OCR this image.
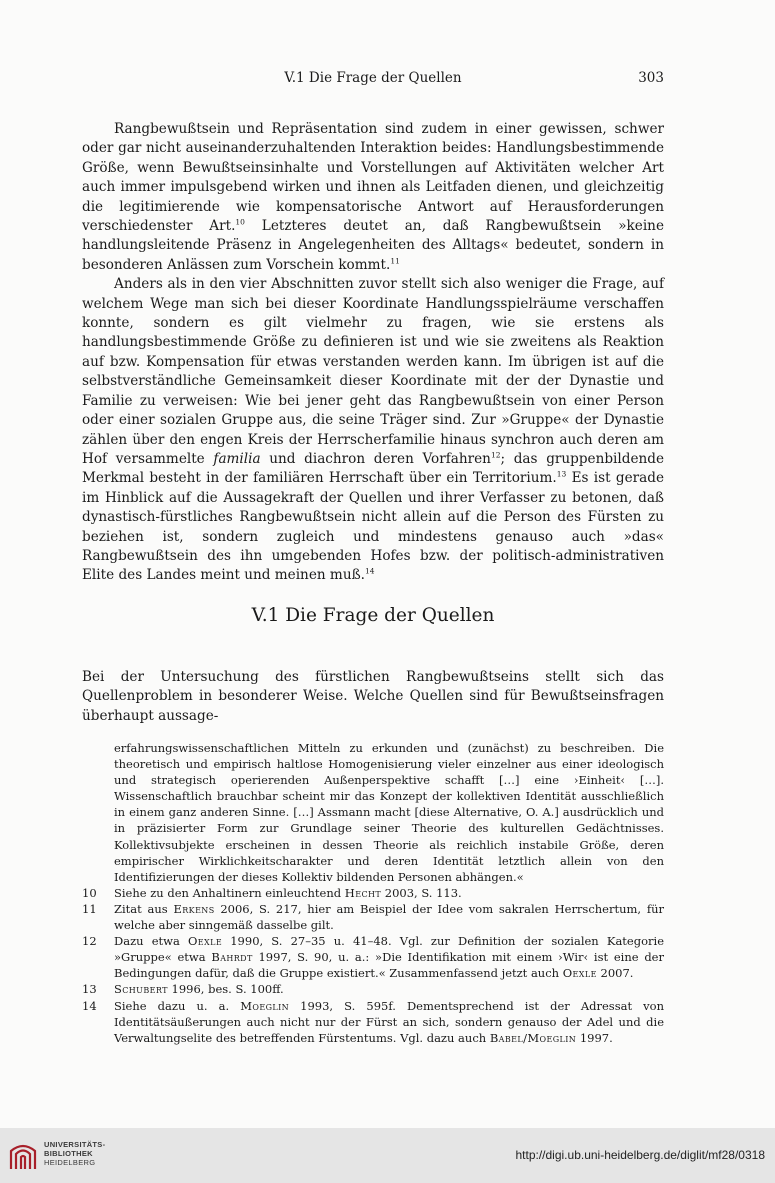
V.1 Die Frage der Quellen	303

Rangbewußtsein und Repräsentation sind zudem in einer gewissen, schwer oder gar nicht auseinanderzuhaltenden Interaktion beides: Handlungsbestimmende Größe, wenn Bewußtseinsinhalte und Vorstellungen auf Aktivitäten welcher Art auch immer impulsgebend wirken und ihnen als Leitfaden dienen, und gleichzeitig die legitimierende wie kompensatorische Antwort auf Herausforderungen verschiedenster Art.$^{10}$ Letzteres deutet an, daß Rangbewußtsein »keine handlungsleitende Präsenz in Angelegenheiten des Alltags« bedeutet, sondern in besonderen Anlässen zum Vorschein kommt.$^{11}$

Anders als in den vier Abschnitten zuvor stellt sich also weniger die Frage, auf welchem Wege man sich bei dieser Koordinate Handlungsspielräume verschaffen konnte, sondern es gilt vielmehr zu fragen, wie sie erstens als handlungsbestimmende Größe zu definieren ist und wie sie zweitens als Reaktion auf bzw. Kompensation für etwas verstanden werden kann. Im übrigen ist auf die selbstverständliche Gemeinsamkeit dieser Koordinate mit der der Dynastie und Familie zu verweisen: Wie bei jener geht das Rangbewußtsein von einer Person oder einer sozialen Gruppe aus, die seine Träger sind. Zur »Gruppe« der Dynastie zählen über den engen Kreis der Herrscherfamilie hinaus synchron auch deren am Hof versammelte familia und diachron deren Vorfahren$^{12}$; das gruppenbildende Merkmal besteht in der familiären Herrschaft über ein Territorium.$^{13}$ Es ist gerade im Hinblick auf die Aussagekraft der Quellen und ihrer Verfasser zu betonen, daß dynastisch-fürstliches Rangbewußtsein nicht allein auf die Person des Fürsten zu beziehen ist, sondern zugleich und mindestens genauso auch »das« Rangbewußtsein des ihn umgebenden Hofes bzw. der politisch-administrativen Elite des Landes meint und meinen muß.$^{14}$

V.1 Die Frage der Quellen

Bei der Untersuchung des fürstlichen Rangbewußtseins stellt sich das Quellenproblem in besonderer Weise. Welche Quellen sind für Bewußtseinsfragen überhaupt aussage-

erfahrungswissenschaftlichen Mitteln zu erkunden und (zunächst) zu beschreiben. Die theoretisch und empirisch haltlose Homogenisierung vieler einzelner aus einer ideologisch und strategisch operierenden Außenperspektive schafft […] eine ›Einheit‹ […]. Wissenschaftlich brauchbar scheint mir das Konzept der kollektiven Identität ausschließlich in einem ganz anderen Sinne. […] Assmann macht [diese Alternative, O. A.] ausdrücklich und in präzisierter Form zur Grundlage seiner Theorie des kulturellen Gedächtnisses. Kollektivsubjekte erscheinen in dessen Theorie als reichlich instabile Größe, deren empirischer Wirklichkeitscharakter und deren Identität letztlich allein von den Identifizierungen der dieses Kollektiv bildenden Personen abhängen.«
10	Siehe zu den Anhaltinern einleuchtend Hecht 2003, S. 113.
11	Zitat aus Erkens 2006, S. 217, hier am Beispiel der Idee vom sakralen Herrschertum, für welche aber sinngemäß dasselbe gilt.
12	Dazu etwa Oexle 1990, S. 27–35 u. 41–48. Vgl. zur Definition der sozialen Kategorie »Gruppe« etwa Bahrdt 1997, S. 90, u. a.: »Die Identifikation mit einem ›Wir‹ ist eine der Bedingungen dafür, daß die Gruppe existiert.« Zusammenfassend jetzt auch Oexle 2007.
13	Schubert 1996, bes. S. 100ff.
14	Siehe dazu u. a. Moeglin 1993, S. 595f. Dementsprechend ist der Adressat von Identitätsäußerungen auch nicht nur der Fürst an sich, sondern genauso der Adel und die Verwaltungselite des betreffenden Fürstentums. Vgl. dazu auch Babel/Moeglin 1997.
UNIVERSITÄTS-
BIBLIOTHEK
HEIDELBERG
http://digi.ub.uni-heidelberg.de/diglit/mf28/0318
